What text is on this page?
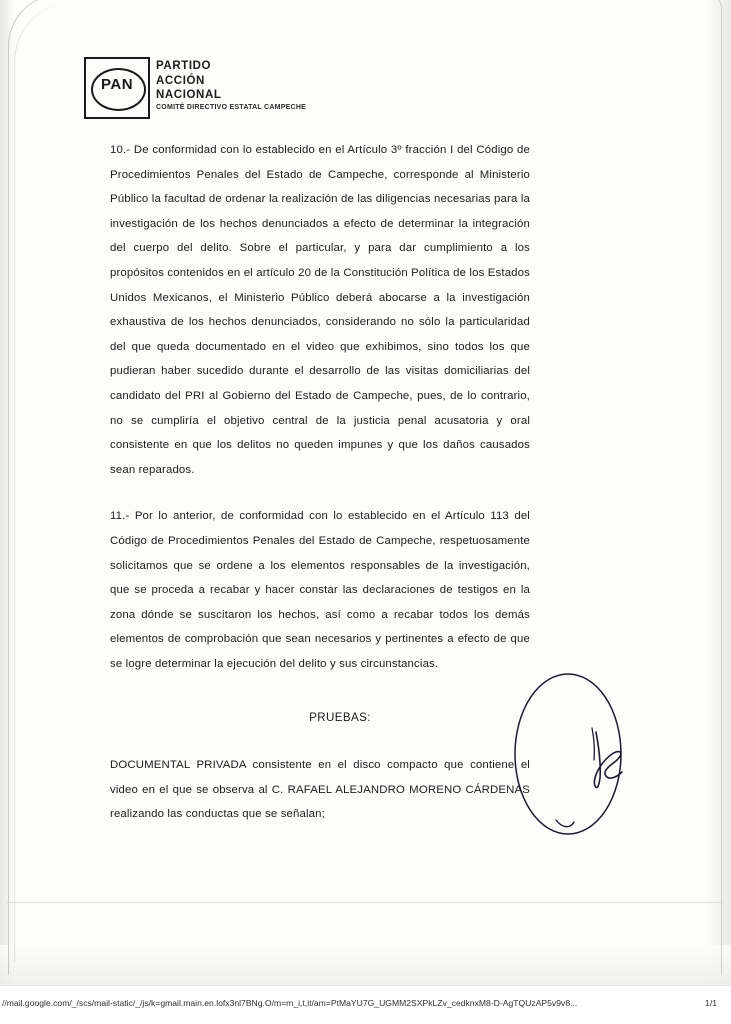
PAN
PARTIDO
ACCIÓN
NACIONAL
COMITÉ DIRECTIVO ESTATAL CAMPECHE

10.- De conformidad con lo establecido en el Artículo 3º fracción I del Código de Procedimientos Penales del Estado de Campeche, corresponde al Ministerio Público la facultad de ordenar la realización de las diligencias necesarias para la investigación de los hechos denunciados a efecto de determinar la integración del cuerpo del delito. Sobre el particular, y para dar cumplimiento a los propósitos contenidos en el artículo 20 de la Constitución Política de los Estados Unidos Mexicanos, el Ministerio Público deberá abocarse a la investigación exhaustiva de los hechos denunciados, considerando no sólo la particularidad del que queda documentado en el video que exhibimos, sino todos los que pudieran haber sucedido durante el desarrollo de las visitas domiciliarias del candidato del PRI al Gobierno del Estado de Campeche, pues, de lo contrario, no se cumpliría el objetivo central de la justicia penal acusatoria y oral consistente en que los delitos no queden impunes y que los daños causados sean reparados.

11.- Por lo anterior, de conformidad con lo establecido en el Artículo 113 del Código de Procedimientos Penales del Estado de Campeche, respetuosamente solicitamos que se ordene a los elementos responsables de la investigación, que se proceda a recabar y hacer constar las declaraciones de testigos en la zona dónde se suscitaron los hechos, así como a recabar todos los demás elementos de comprobación que sean necesarios y pertinentes a efecto de que se logre determinar la ejecución del delito y sus circunstancias.

PRUEBAS:

DOCUMENTAL PRIVADA consistente en el disco compacto que contiene el video en el que se observa al C. RAFAEL ALEJANDRO MORENO CÁRDENAS realizando las conductas que se señalan;

//mail.google.com/_/scs/mail-static/_/js/k=gmail.main.en.lofx3nl7BNg.O/m=m_i,t,it/am=PtMaYU7G_UGMM2SXPkLZv_cedknxM8-D-AgTQUzAP5v9v8...	1/1
